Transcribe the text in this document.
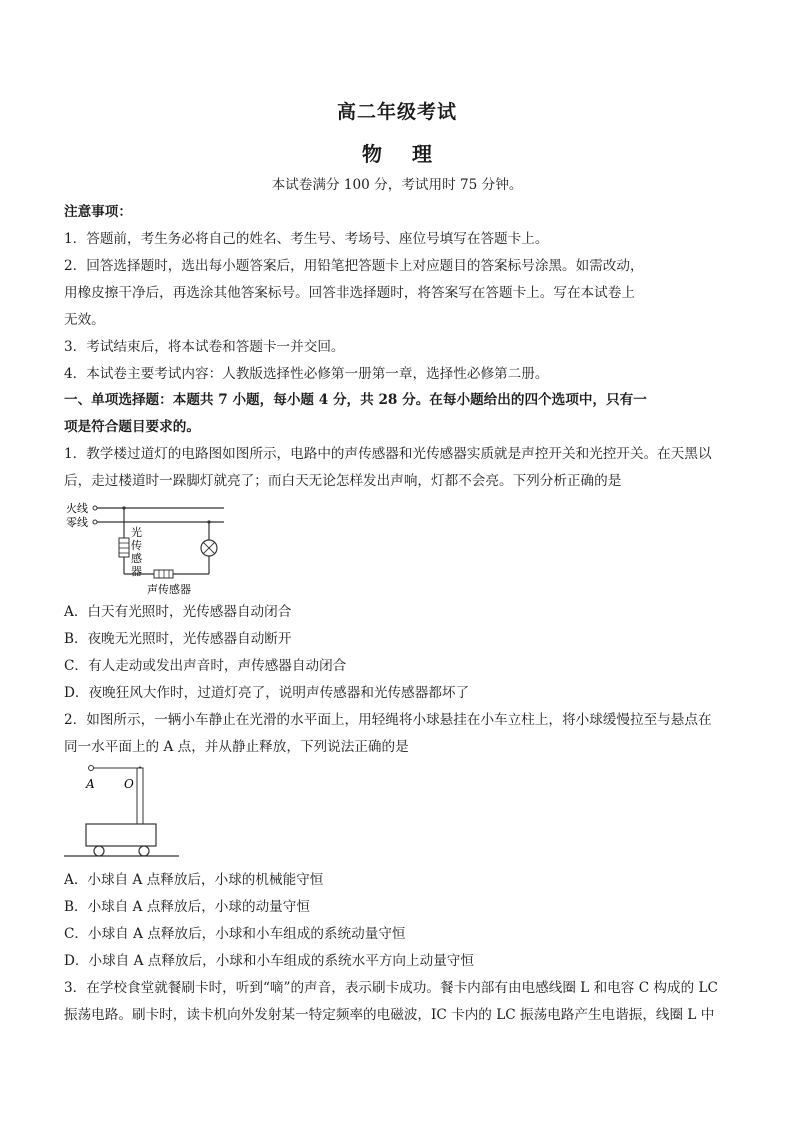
高二年级考试
物理
本试卷满分 100 分，考试用时 75 分钟。
注意事项：
1．答题前，考生务必将自己的姓名、考生号、考场号、座位号填写在答题卡上。
2．回答选择题时，选出每小题答案后，用铅笔把答题卡上对应题目的答案标号涂黑。如需改动，
用橡皮擦干净后，再选涂其他答案标号。回答非选择题时，将答案写在答题卡上。写在本试卷上
无效。
3．考试结束后，将本试卷和答题卡一并交回。
4．本试卷主要考试内容：人教版选择性必修第一册第一章，选择性必修第二册。
一、单项选择题：本题共 7 小题，每小题 4 分，共 28 分。在每小题给出的四个选项中，只有一
项是符合题目要求的。
1．教学楼过道灯的电路图如图所示，电路中的声传感器和光传感器实质就是声控开关和光控开关。在天黑以
后，走过楼道时一跺脚灯就亮了；而白天无论怎样发出声响，灯都不会亮。下列分析正确的是
火线
零线
光
传
感
器
声传感器
A．白天有光照时，光传感器自动闭合
B．夜晚无光照时，光传感器自动断开
C．有人走动或发出声音时，声传感器自动闭合
D．夜晚狂风大作时，过道灯亮了，说明声传感器和光传感器都坏了
2．如图所示，一辆小车静止在光滑的水平面上，用轻绳将小球悬挂在小车立柱上，将小球缓慢拉至与悬点在
同一水平面上的 A 点，并从静止释放，下列说法正确的是
A O
A．小球自 A 点释放后，小球的机械能守恒
B．小球自 A 点释放后，小球的动量守恒
C．小球自 A 点释放后，小球和小车组成的系统动量守恒
D．小球自 A 点释放后，小球和小车组成的系统水平方向上动量守恒
3．在学校食堂就餐刷卡时，听到“嘀”的声音，表示刷卡成功。餐卡内部有由电感线圈 L 和电容 C 构成的 LC
振荡电路。刷卡时，读卡机向外发射某一特定频率的电磁波，IC 卡内的 LC 振荡电路产生电谐振，线圈 L 中
